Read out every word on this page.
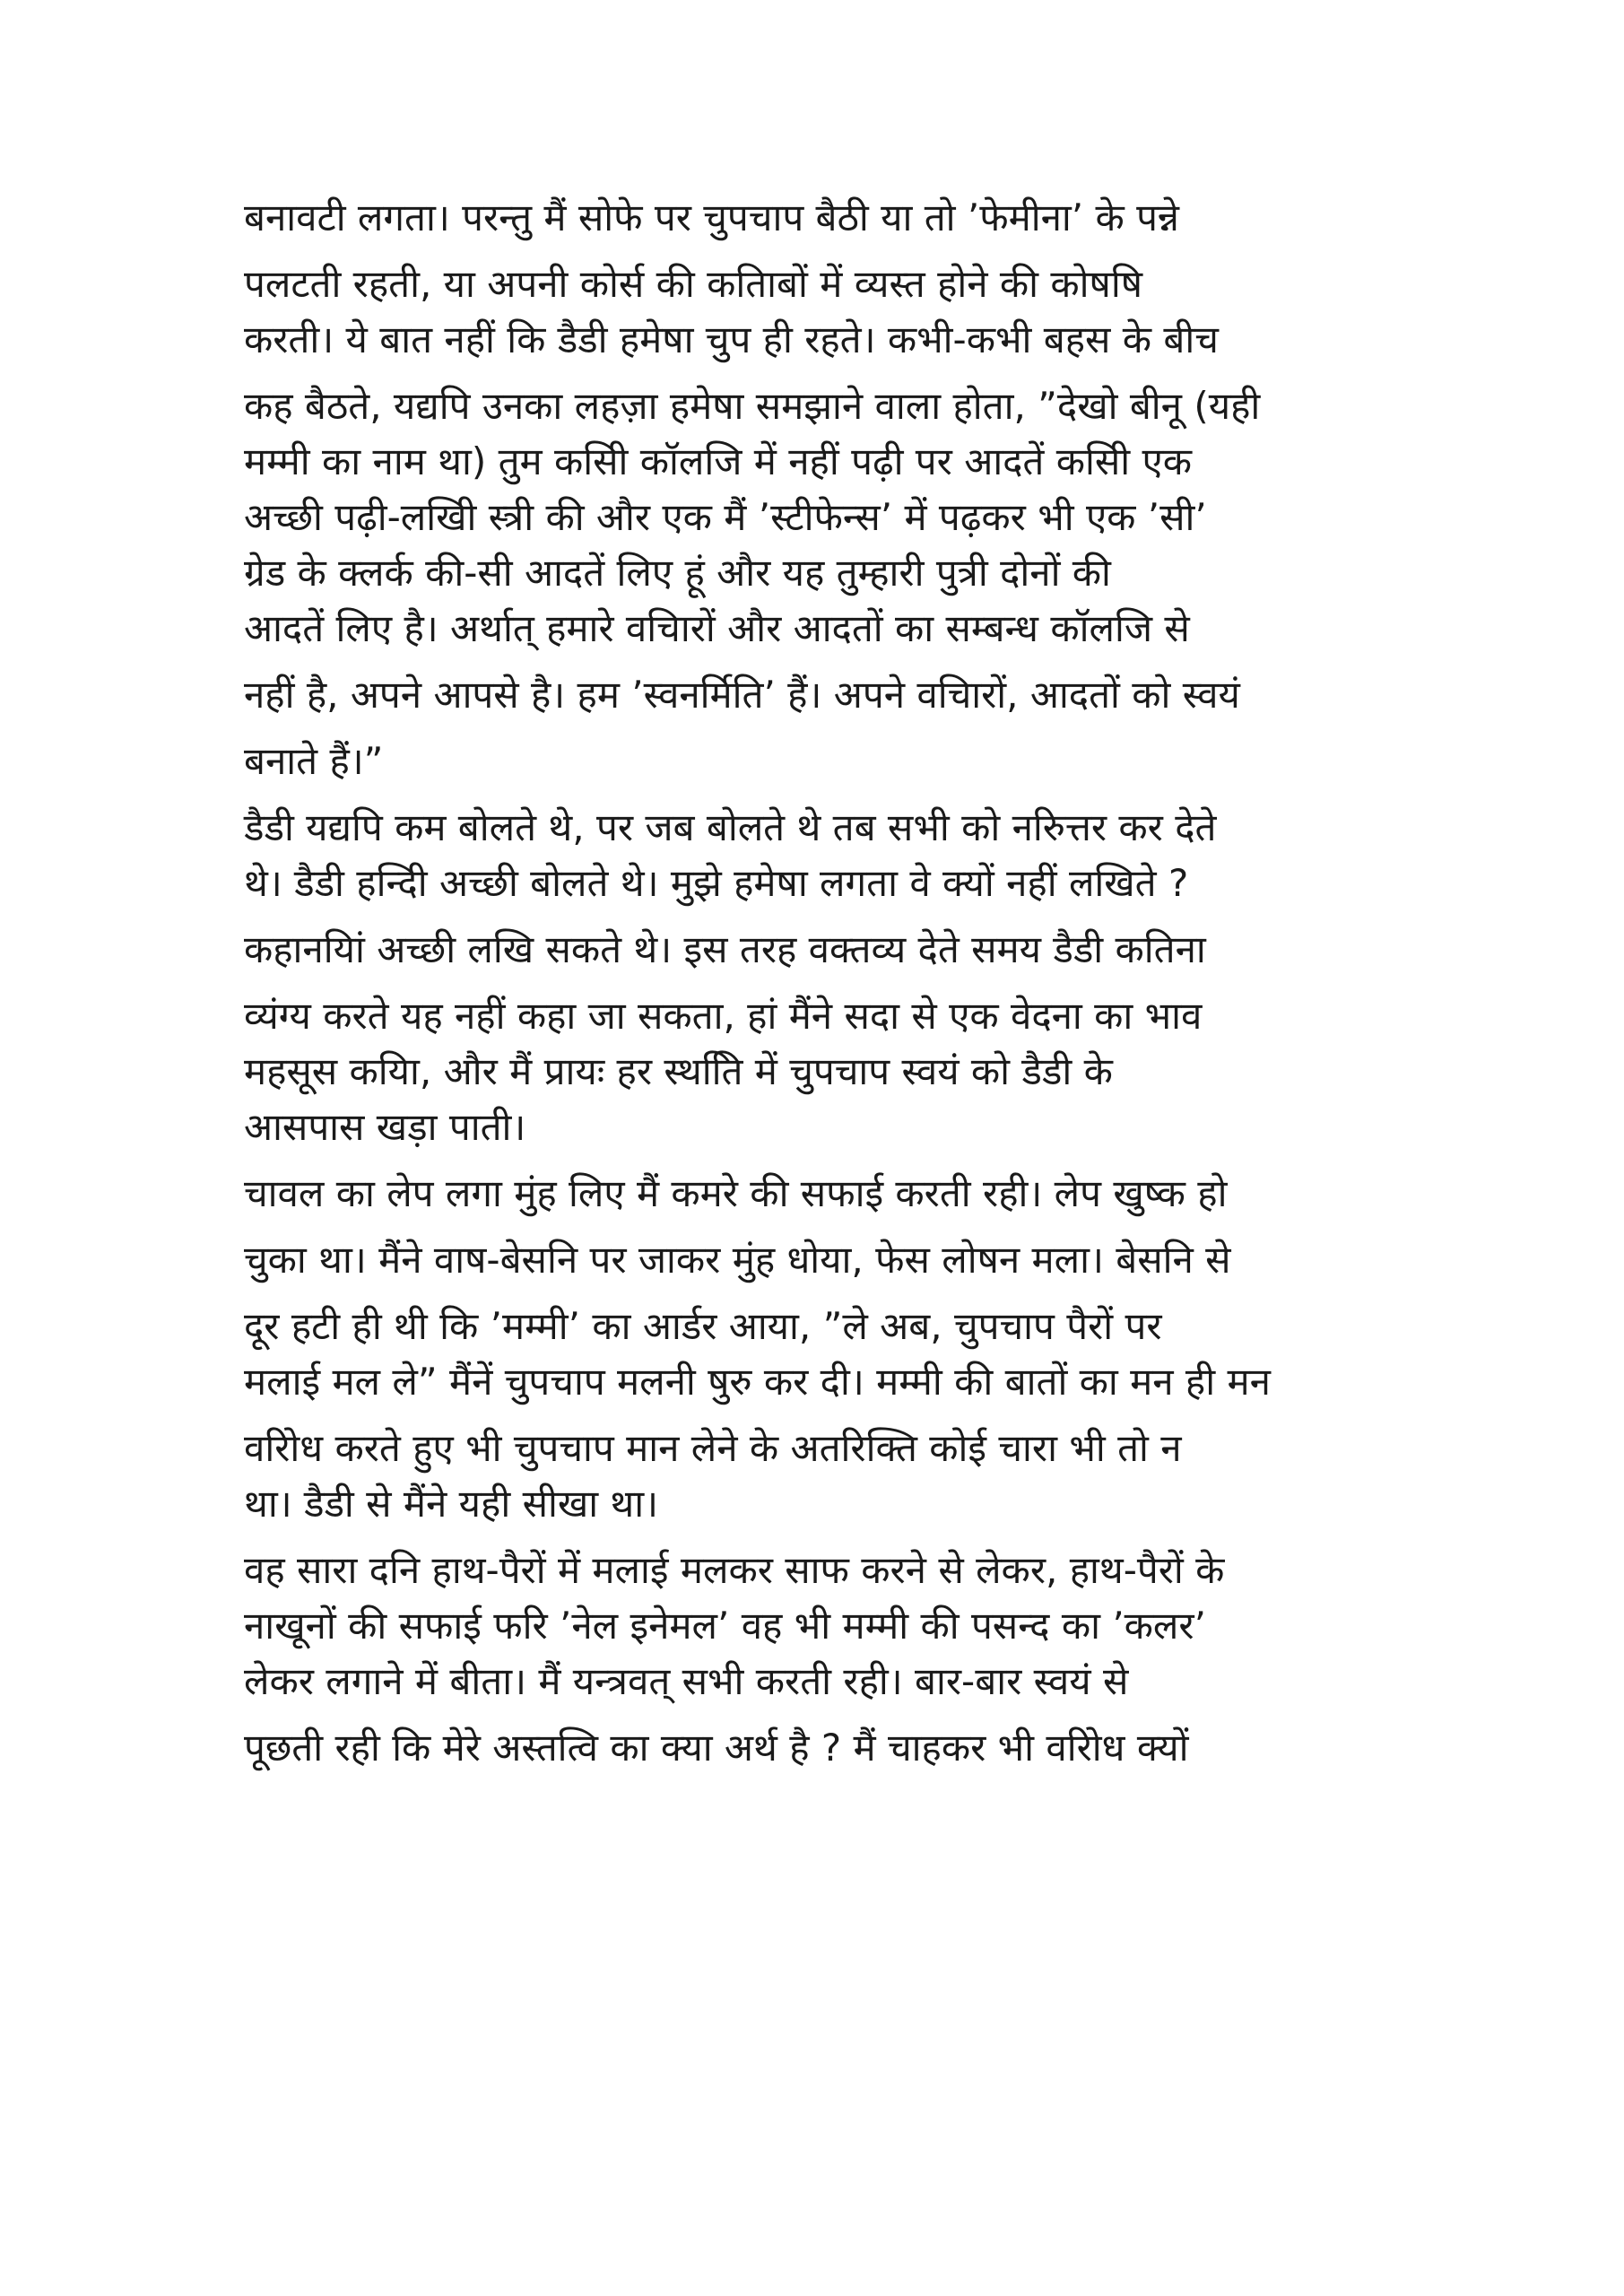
बनावटी लगता। परन्तु मैं सोफे पर चुपचाप बैठी या तो ’फेमीना’ के पन्ने
पलटती रहती, या अपनी कोर्स की कतिाबों में व्यस्त होने की कोषषि
करती। ये बात नहीं कि डैडी हमेषा चुप ही रहते। कभी-कभी बहस के बीच
कह बैठते, यद्यपि उनका लहज़ा हमेषा समझाने वाला होता, ”देखो बीनू (यही
मम्मी का नाम था) तुम कसिी कॉलजि में नहीं पढ़ी पर आदतें कसिी एक
अच्छी पढ़ी-लखिी स्त्री की और एक मैं ’स्टीफेन्स’ में पढ़कर भी एक ’सी’
ग्रेड के क्लर्क की-सी आदतें लिए हूं और यह तुम्हारी पुत्री दोनों की
आदतें लिए है। अर्थात् हमारे वचिारों और आदतों का सम्बन्ध कॉलजि से
नहीं है, अपने आपसे है। हम ’स्वनर्मिति’ हैं। अपने वचिारों, आदतों को स्वयं
बनाते हैं।”
डैडी यद्यपि कम बोलते थे, पर जब बोलते थे तब सभी को नरिुत्तर कर देते
थे। डैडी हन्दिी अच्छी बोलते थे। मुझे हमेषा लगता वे क्यों नहीं लखिते ?
कहानयिां अच्छी लखि सकते थे। इस तरह वक्तव्य देते समय डैडी कतिना
व्यंग्य करते यह नहीं कहा जा सकता, हां मैंने सदा से एक वेदना का भाव
महसूस कयिा, और मैं प्रायः हर स्थतिि में चुपचाप स्वयं को डैडी के
आसपास खड़ा पाती।
चावल का लेप लगा मुंह लिए मैं कमरे की सफाई करती रही। लेप खुष्क हो
चुका था। मैंने वाष-बेसनि पर जाकर मुंह धोया, फेस लोषन मला। बेसनि से
दूर हटी ही थी कि ’मम्मी’ का आर्डर आया, ”ले अब, चुपचाप पैरों पर
मलाई मल ले” मैंनें चुपचाप मलनी षुरु कर दी। मम्मी की बातों का मन ही मन
वरिोध करते हुए भी चुपचाप मान लेने के अतरिक्ति कोई चारा भी तो न
था। डैडी से मैंने यही सीखा था।
वह सारा दनि हाथ-पैरों में मलाई मलकर साफ करने से लेकर, हाथ-पैरों के
नाखूनों की सफाई फरि ’नेल इनेमल’ वह भी मम्मी की पसन्द का ’कलर’
लेकर लगाने में बीता। मैं यन्त्रवत् सभी करती रही। बार-बार स्वयं से
पूछती रही कि मेरे अस्तत्वि का क्या अर्थ है ? मैं चाहकर भी वरिोध क्यों
